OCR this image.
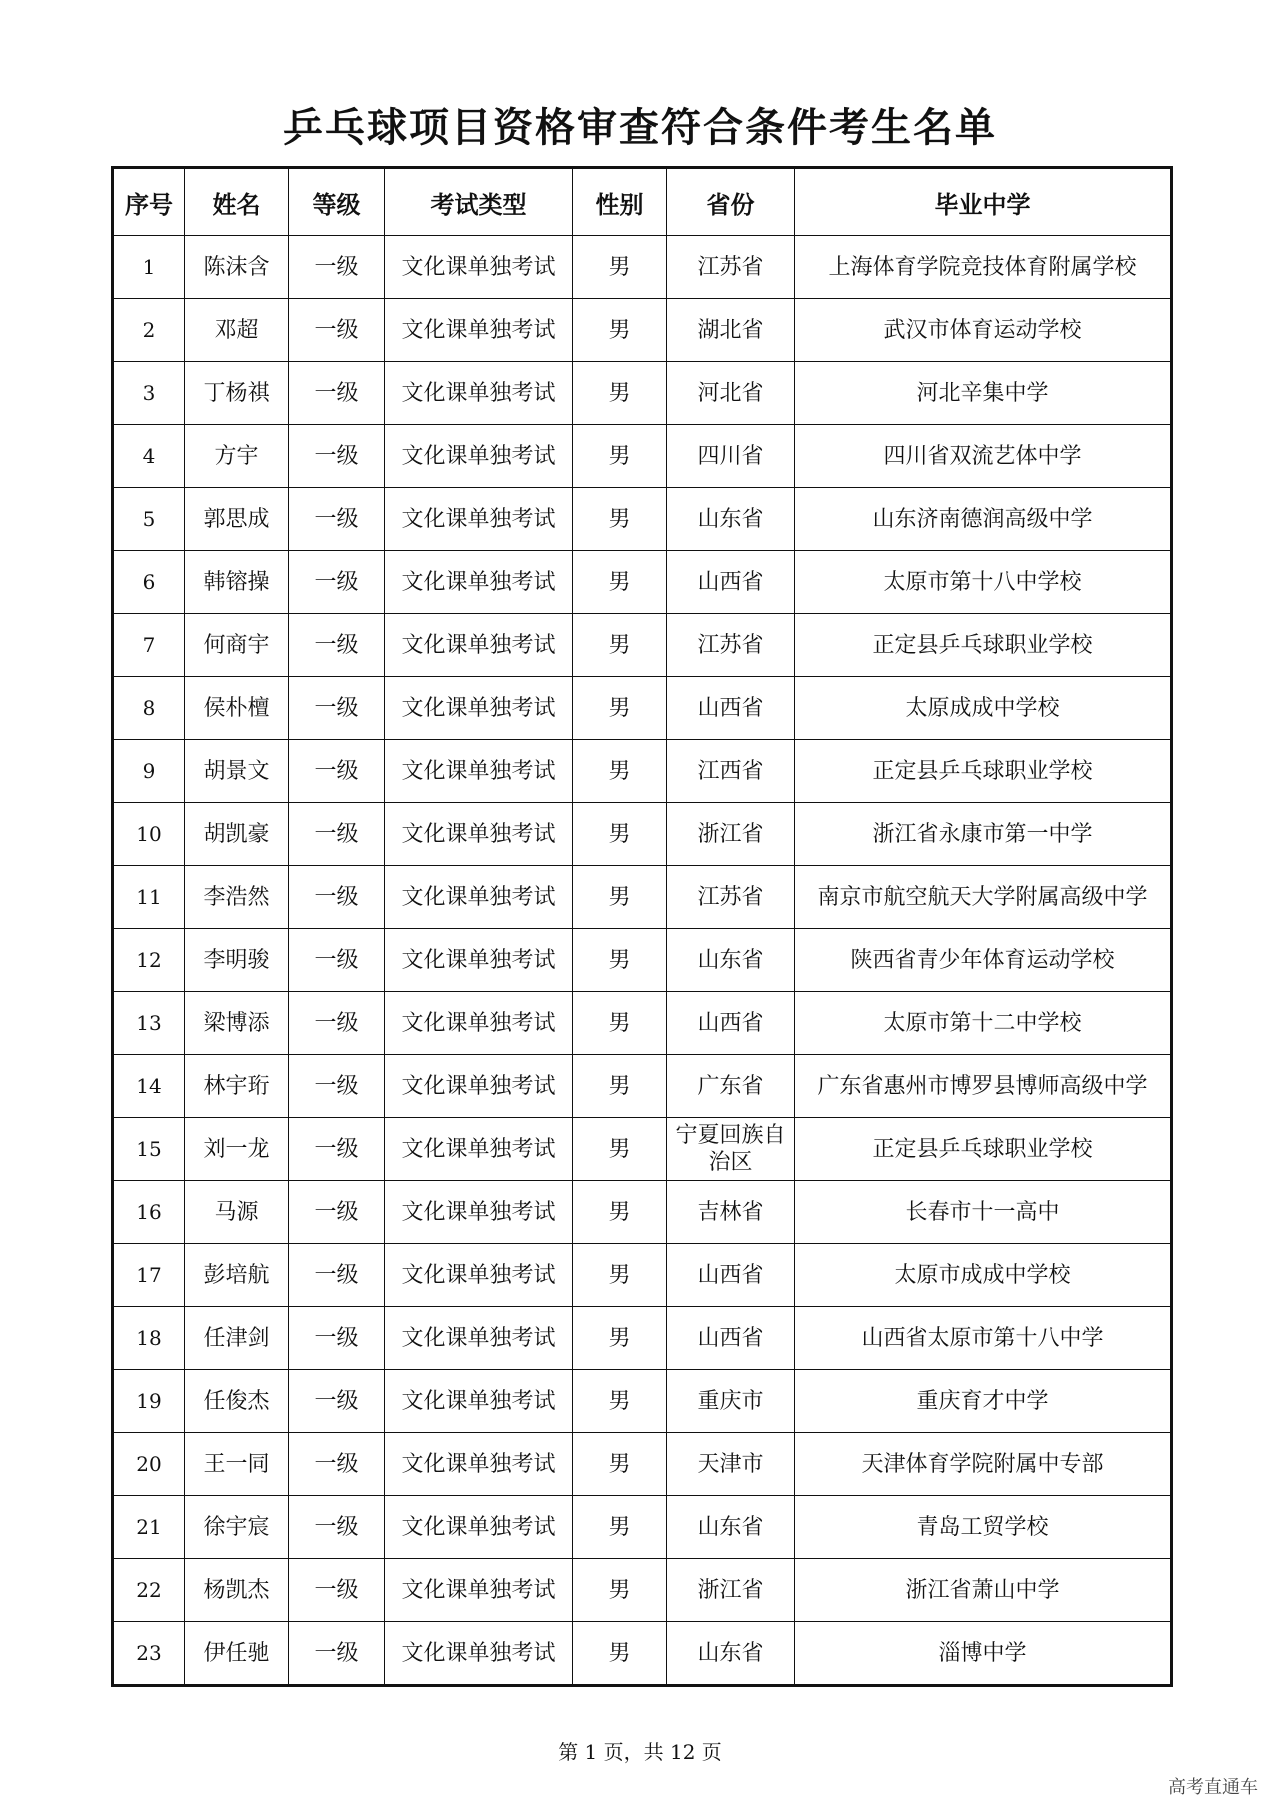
乒乓球项目资格审查符合条件考生名单
序号	姓名	等级	考试类型	性别	省份	毕业中学
1	陈沫含	一级	文化课单独考试	男	江苏省	上海体育学院竞技体育附属学校
2	邓超	一级	文化课单独考试	男	湖北省	武汉市体育运动学校
3	丁杨祺	一级	文化课单独考试	男	河北省	河北辛集中学
4	方宇	一级	文化课单独考试	男	四川省	四川省双流艺体中学
5	郭思成	一级	文化课单独考试	男	山东省	山东济南德润高级中学
6	韩镕操	一级	文化课单独考试	男	山西省	太原市第十八中学校
7	何商宇	一级	文化课单独考试	男	江苏省	正定县乒乓球职业学校
8	侯朴檀	一级	文化课单独考试	男	山西省	太原成成中学校
9	胡景文	一级	文化课单独考试	男	江西省	正定县乒乓球职业学校
10	胡凯豪	一级	文化课单独考试	男	浙江省	浙江省永康市第一中学
11	李浩然	一级	文化课单独考试	男	江苏省	南京市航空航天大学附属高级中学
12	李明骏	一级	文化课单独考试	男	山东省	陕西省青少年体育运动学校
13	梁博添	一级	文化课单独考试	男	山西省	太原市第十二中学校
14	林宇珩	一级	文化课单独考试	男	广东省	广东省惠州市博罗县博师高级中学
15	刘一龙	一级	文化课单独考试	男	宁夏回族自治区	正定县乒乓球职业学校
16	马源	一级	文化课单独考试	男	吉林省	长春市十一高中
17	彭培航	一级	文化课单独考试	男	山西省	太原市成成中学校
18	任津剑	一级	文化课单独考试	男	山西省	山西省太原市第十八中学
19	任俊杰	一级	文化课单独考试	男	重庆市	重庆育才中学
20	王一同	一级	文化课单独考试	男	天津市	天津体育学院附属中专部
21	徐宇宸	一级	文化课单独考试	男	山东省	青岛工贸学校
22	杨凯杰	一级	文化课单独考试	男	浙江省	浙江省萧山中学
23	伊任驰	一级	文化课单独考试	男	山东省	淄博中学
第 1 页，共 12 页
高考直通车
